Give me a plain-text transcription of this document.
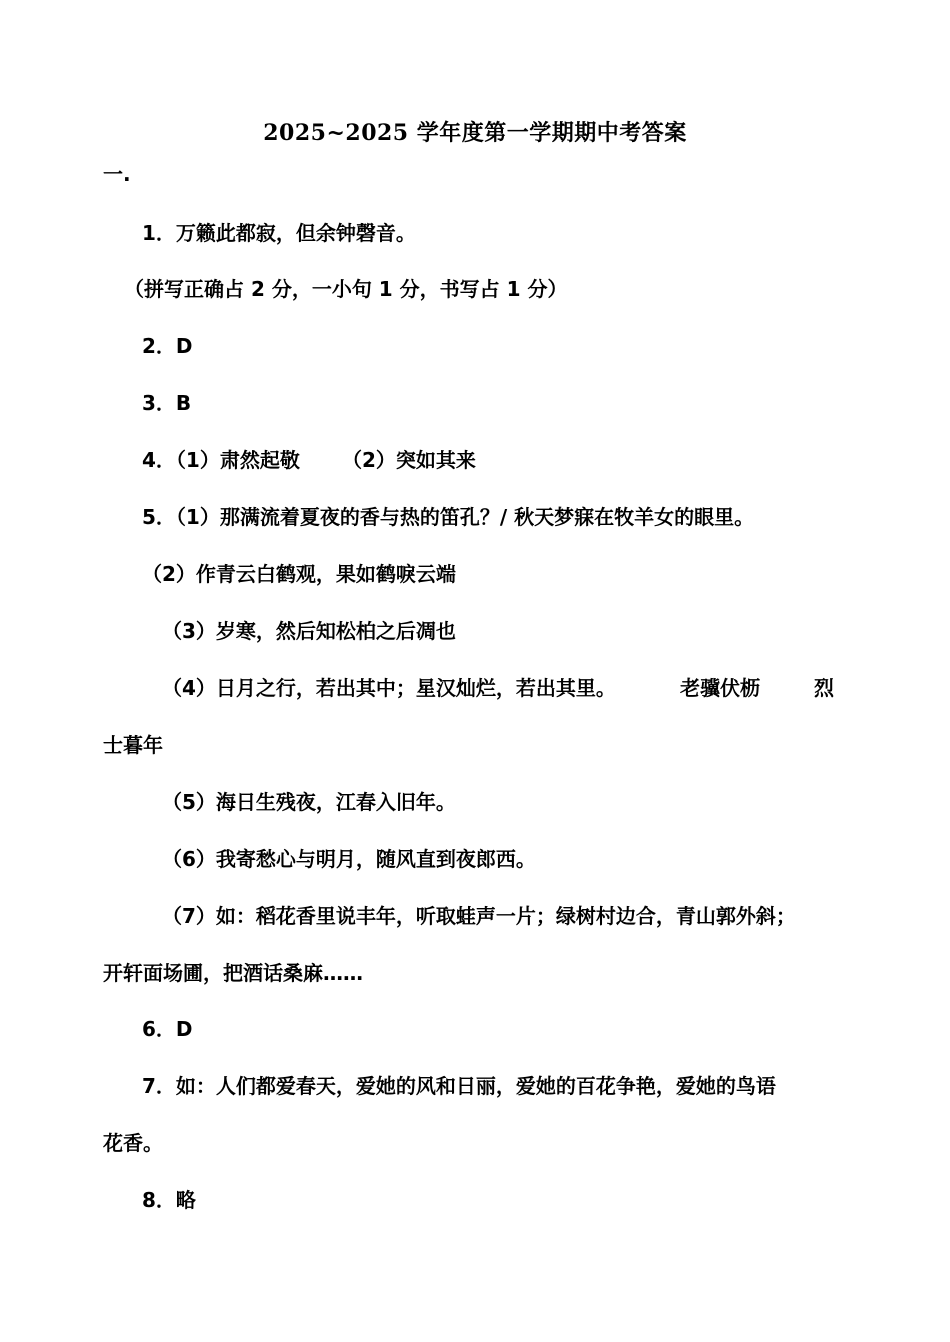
2025~2025 学年度第一学期期中考答案
一.
1．万籁此都寂，但余钟磬音。
（拼写正确占 2 分，一小句 1 分，书写占 1 分）
2．D
3．B
4．（1）肃然起敬 （2）突如其来
5．（1）那满流着夏夜的香与热的笛孔？/ 秋天梦寐在牧羊女的眼里。
（2）作青云白鹤观，果如鹤唳云端
（3）岁寒，然后知松柏之后凋也
（4）日月之行，若出其中；星汉灿烂，若出其里。	老骥伏枥	烈
士暮年
（5）海日生残夜，江春入旧年。
（6）我寄愁心与明月，随风直到夜郎西。
（7）如：稻花香里说丰年，听取蛙声一片；绿树村边合，青山郭外斜；
开轩面场圃，把酒话桑麻……
6．D
7．如：人们都爱春天，爱她的风和日丽，爱她的百花争艳，爱她的鸟语
花香。
8．略
